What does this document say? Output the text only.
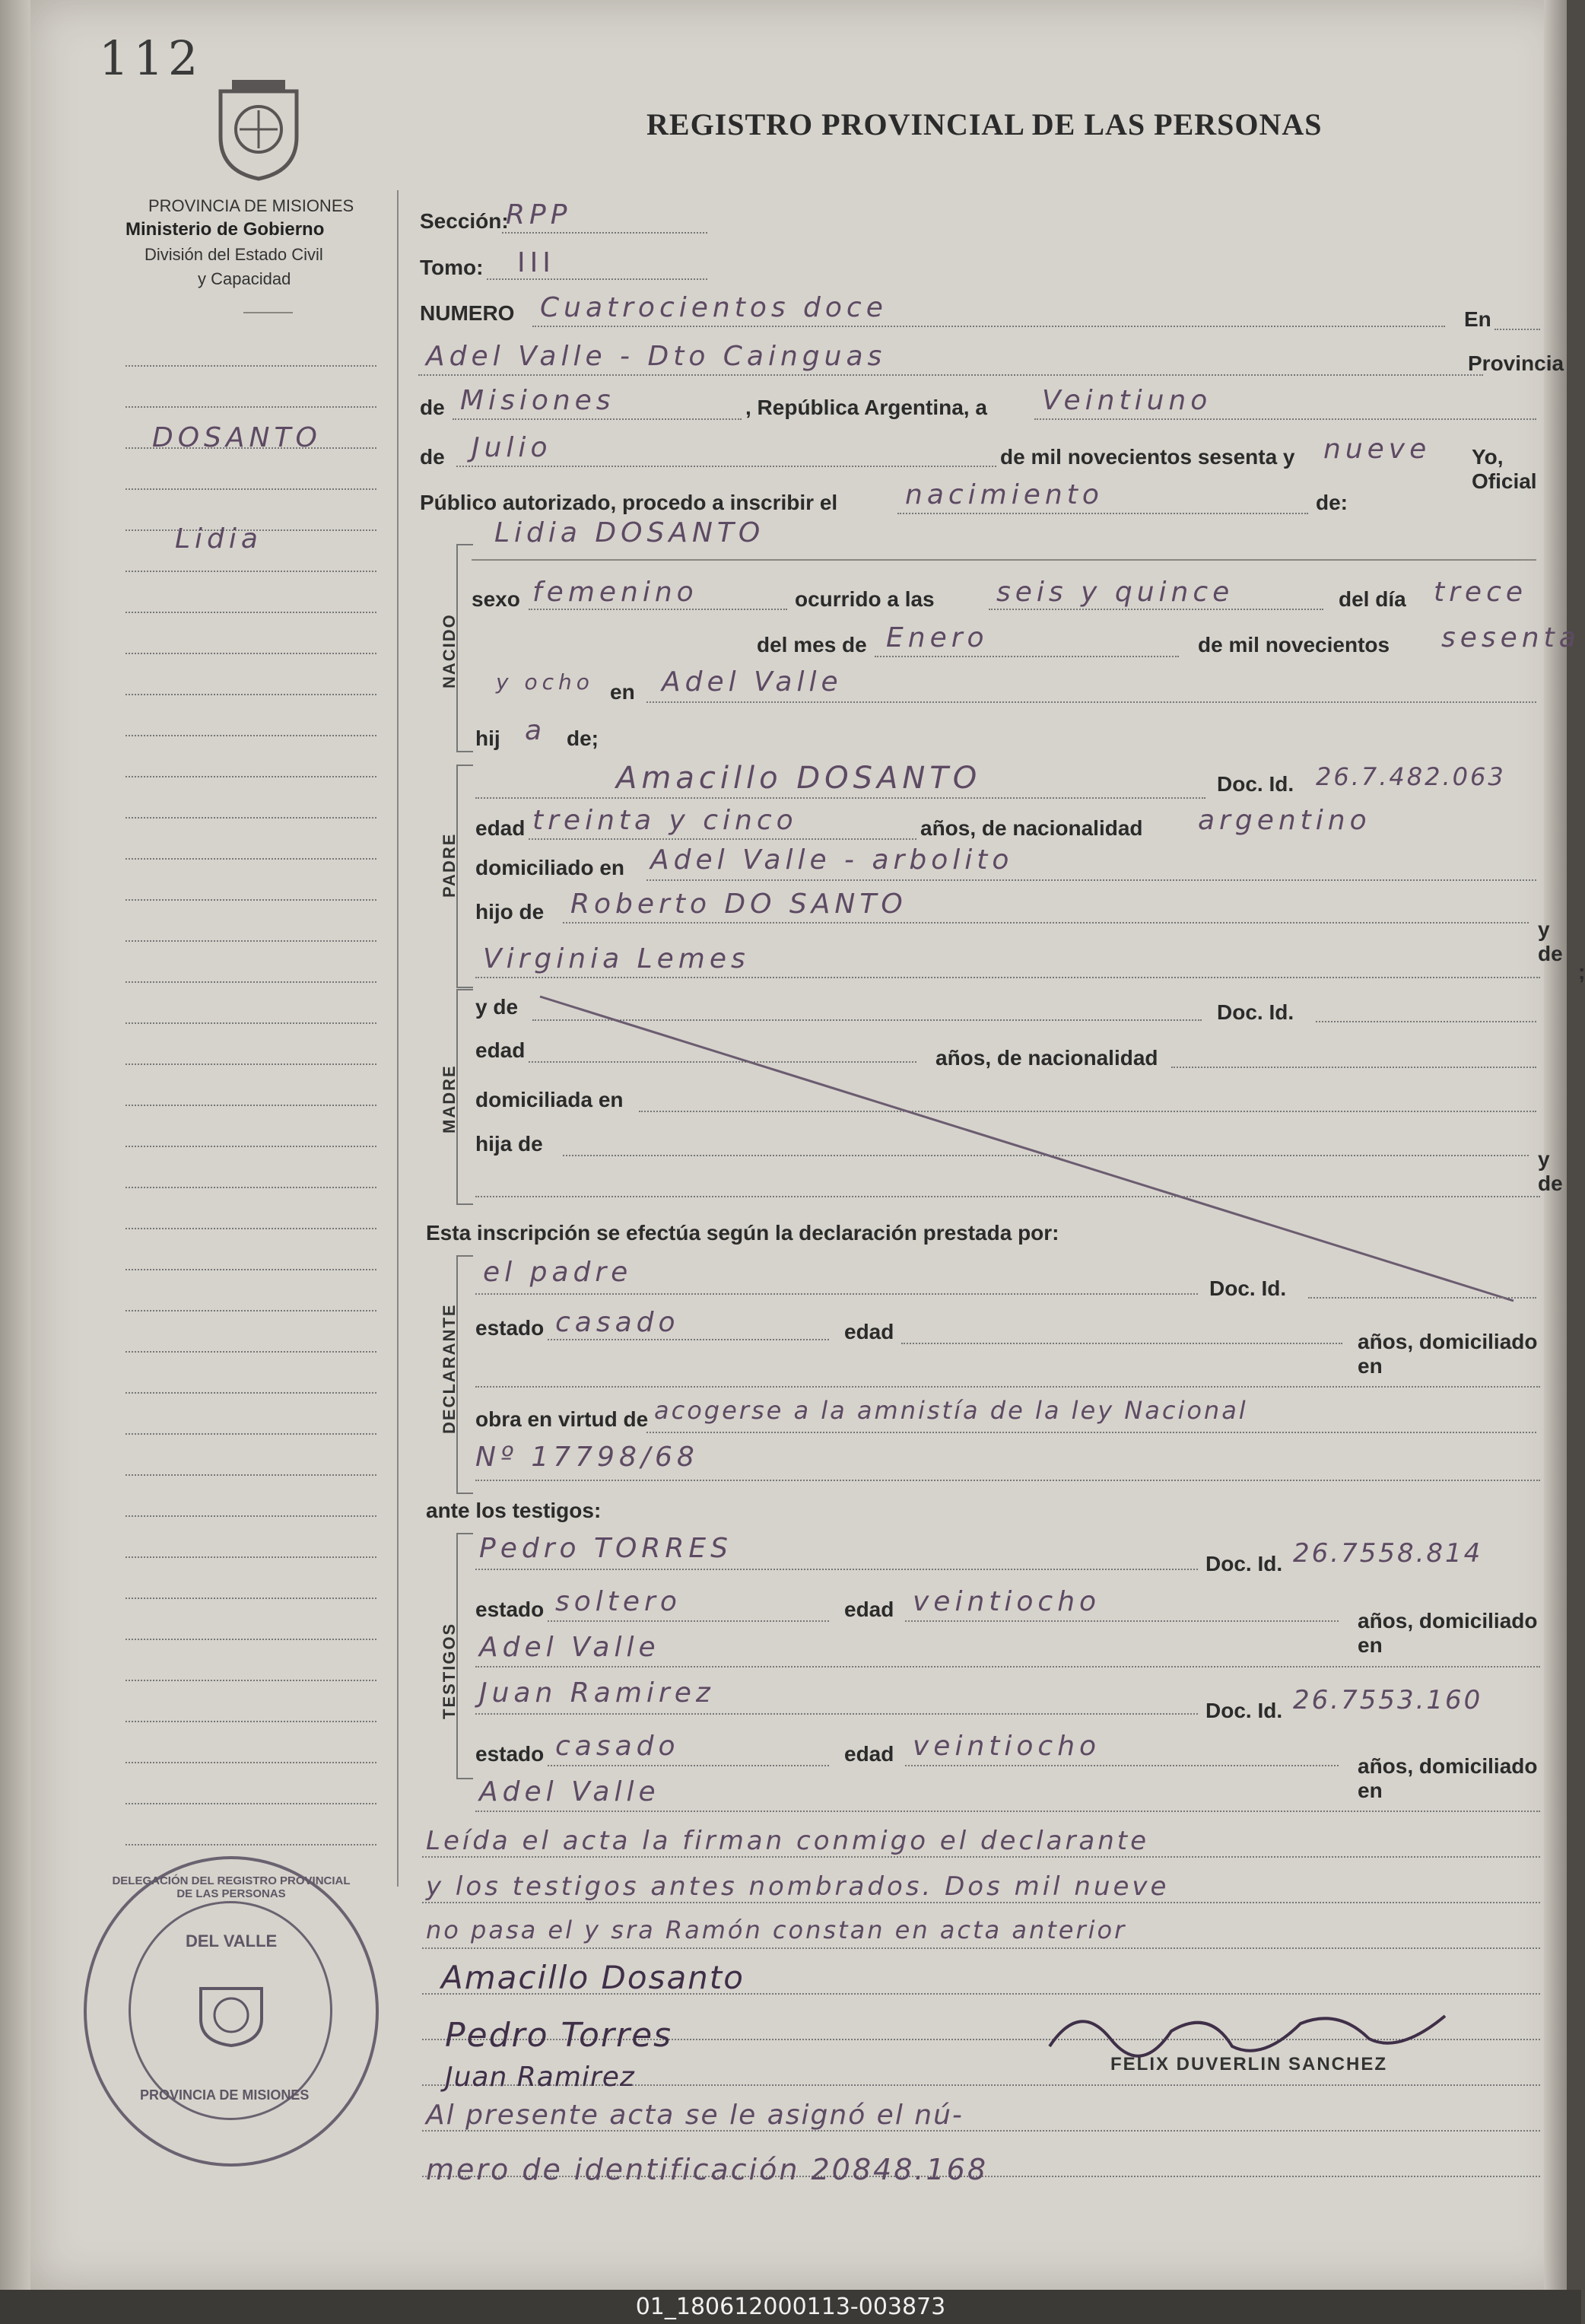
112
REGISTRO PROVINCIAL DE LAS PERSONAS
PROVINCIA DE MISIONES
Ministerio de Gobierno
División del Estado Civil
y Capacidad
DOSANTO
Lidia
Sección:
RPP
Tomo: III
NUMERO Cuatrocientos doce	En
Adel Valle - Dto Cainguas	Provincia
de Misiones	, República Argentina, a Veintiuno
de Julio	de mil novecientos sesenta y nueve Yo, Oficial
Público autorizado, procedo a inscribir el nacimiento	de:
NACIDO
PADRE
MADRE
DECLARANTE
TESTIGOS
Lidia DOSANTO
sexo femenino	ocurrido a las seis y quince	del día trece
del mes de Enero	de mil novecientos sesenta
y ocho en Adel Valle
hij a de;
Amacillo DOSANTO	Doc. Id. 26.7.482.063
edad treinta y cinco	años, de nacionalidad argentino
domiciliado en Adel Valle - arbolito
hijo de Roberto DO SANTO
y de
Virginia Lemes	;
y de	Doc. Id.
edad	años, de nacionalidad
domiciliada en
hija de
y de
Esta inscripción se efectúa según la declaración prestada por:
el padre
Doc. Id.
estado casado	edad	años, domiciliado en
obra en virtud de acogerse a la amnistía de la ley Nacional
Nº 17798/68
ante los testigos:
Pedro TORRES	Doc. Id. 26.7558.814
estado soltero	edad veintiocho
años, domiciliado en
Adel Valle
Juan Ramirez
Doc. Id. 26.7553.160
estado casado	edad veintiocho
años, domiciliado en
Adel Valle
Leída el acta la firman conmigo el declarante
y los testigos antes nombrados. Dos mil nueve
no pasa el y sra Ramón constan en acta anterior
Amacillo Dosanto
Pedro Torres
Juan Ramirez	FELIX DUVERLIN SANCHEZ
Al presente acta se le asignó el nú-
mero de identificación 20848.168
DELEGACIÓN DEL REGISTRO PROVINCIAL DE LAS PERSONAS
DEL VALLE
PROVINCIA DE MISIONES
01_180612000113-003873
